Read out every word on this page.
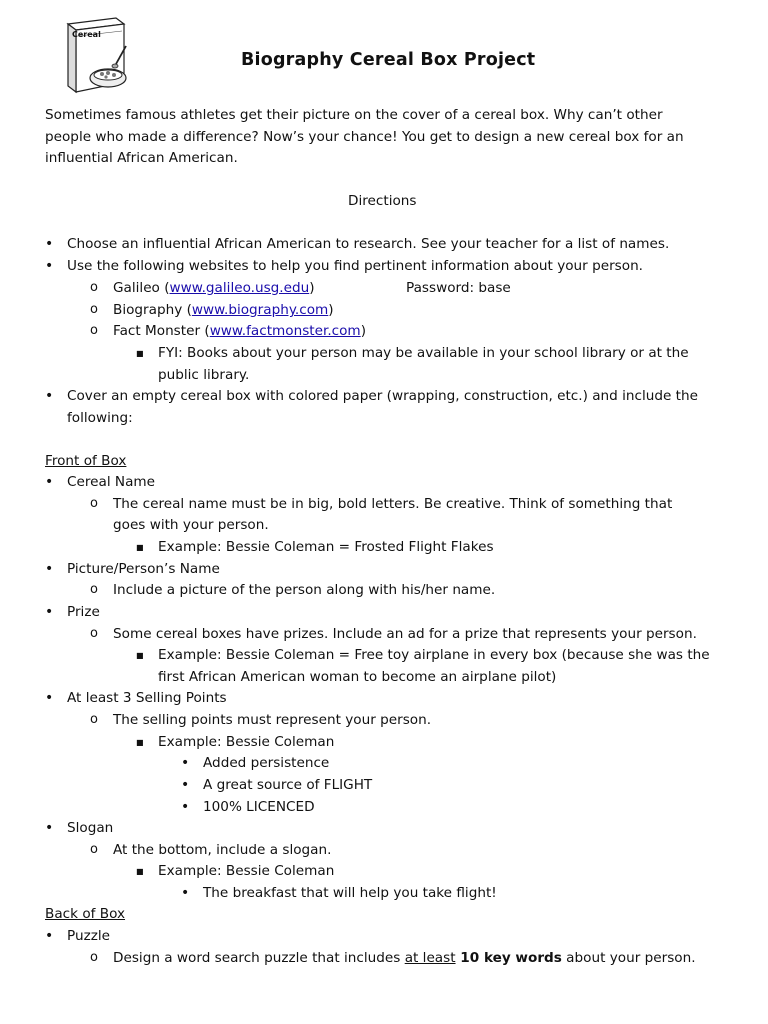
Cereal
Biography Cereal Box Project
Sometimes famous athletes get their picture on the cover of a cereal box. Why can’t other
people who made a difference? Now’s your chance! You get to design a new cereal box for an
influential African American.
Directions
• Choose an influential African American to research. See your teacher for a list of names.
• Use the following websites to help you find pertinent information about your person.
o Galileo (www.galileo.usg.edu)	Password: base
o Biography (www.biography.com)
o Fact Monster (www.factmonster.com)
■ FYI: Books about your person may be available in your school library or at the
public library.
• Cover an empty cereal box with colored paper (wrapping, construction, etc.) and include the
following:
Front of Box
• Cereal Name
o The cereal name must be in big, bold letters. Be creative. Think of something that
goes with your person.
■ Example: Bessie Coleman = Frosted Flight Flakes
• Picture/Person’s Name
o Include a picture of the person along with his/her name.
• Prize
o Some cereal boxes have prizes. Include an ad for a prize that represents your person.
■ Example: Bessie Coleman = Free toy airplane in every box (because she was the
first African American woman to become an airplane pilot)
• At least 3 Selling Points
o The selling points must represent your person.
■ Example: Bessie Coleman
• Added persistence
• A great source of FLIGHT
• 100% LICENCED
• Slogan
o At the bottom, include a slogan.
■ Example: Bessie Coleman
• The breakfast that will help you take flight!
Back of Box
• Puzzle
o Design a word search puzzle that includes at least 10 key words about your person.
